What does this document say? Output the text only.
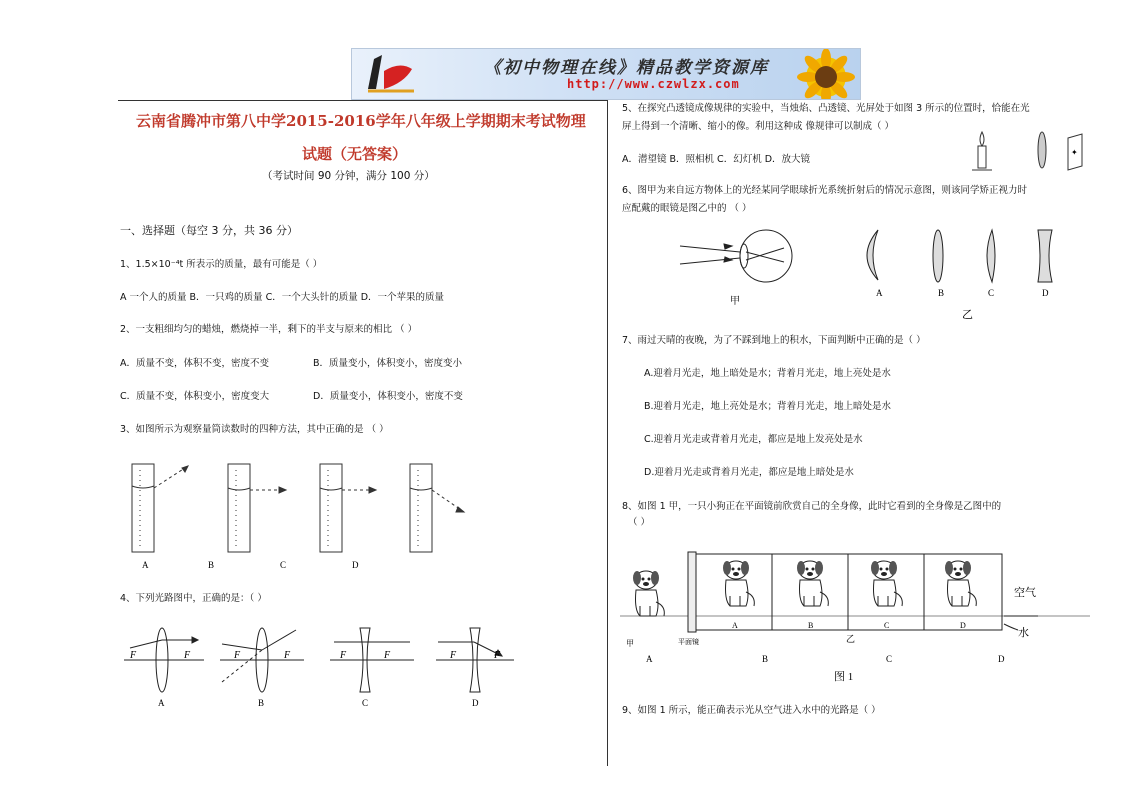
《初中物理在线》精品教学资源库
http://www.czwlzx.com
云南省腾冲市第八中学2015-2016学年八年级上学期期末考试物理
试题（无答案）
（考试时间 90 分钟，满分 100 分）
一、选择题（每空 3 分，共 36 分）
1、1.5×10⁻⁴t 所表示的质量，最有可能是（ ）
A 一个人的质量 B．一只鸡的质量 C．一个大头针的质量 D．一个苹果的质量
2、一支粗细均匀的蜡烛，燃烧掉一半，剩下的半支与原来的相比 （ ）
A．质量不变，体积不变，密度不变	B．质量变小，体积变小，密度变小
C．质量不变，体积变小，密度变大	D．质量变小，体积变小，密度不变
3、如图所示为观察量筒读数时的四种方法，其中正确的是 （ ）
A	B	C	D
4、下列光路图中，正确的是：（ ）
F	F
A
F	F
B
F	F
C
F	F
D
5、在探究凸透镜成像规律的实验中，当烛焰、凸透镜、光屏处于如图 3 所示的位置时，恰能在光
屏上得到一个清晰、缩小的像。利用这种成 像规律可以制成（ ）
A．潜望镜 B．照相机 C．幻灯机 D．放大镜
✦
6、图甲为来自远方物体上的光经某同学眼球折光系统折射后的情况示意图，则该同学矫正视力时
应配戴的眼镜是图乙中的 （ ）
甲
A	B	C	D
乙
7、雨过天晴的夜晚，为了不踩到地上的积水，下面判断中正确的是（ ）
A.迎着月光走，地上暗处是水；背着月光走，地上亮处是水
B.迎着月光走，地上亮处是水；背着月光走，地上暗处是水
C.迎着月光走或背着月光走，都应是地上发亮处是水
D.迎着月光走或背着月光走，都应是地上暗处是水
8、如图 1 甲，一只小狗正在平面镜前欣赏自己的全身像，此时它看到的全身像是乙图中的
（ ）
甲	平面镜
A	B	C	D
乙
A	B	C	D
图 1
空气
水
9、如图 1 所示，能正确表示光从空气进入水中的光路是（ ）
